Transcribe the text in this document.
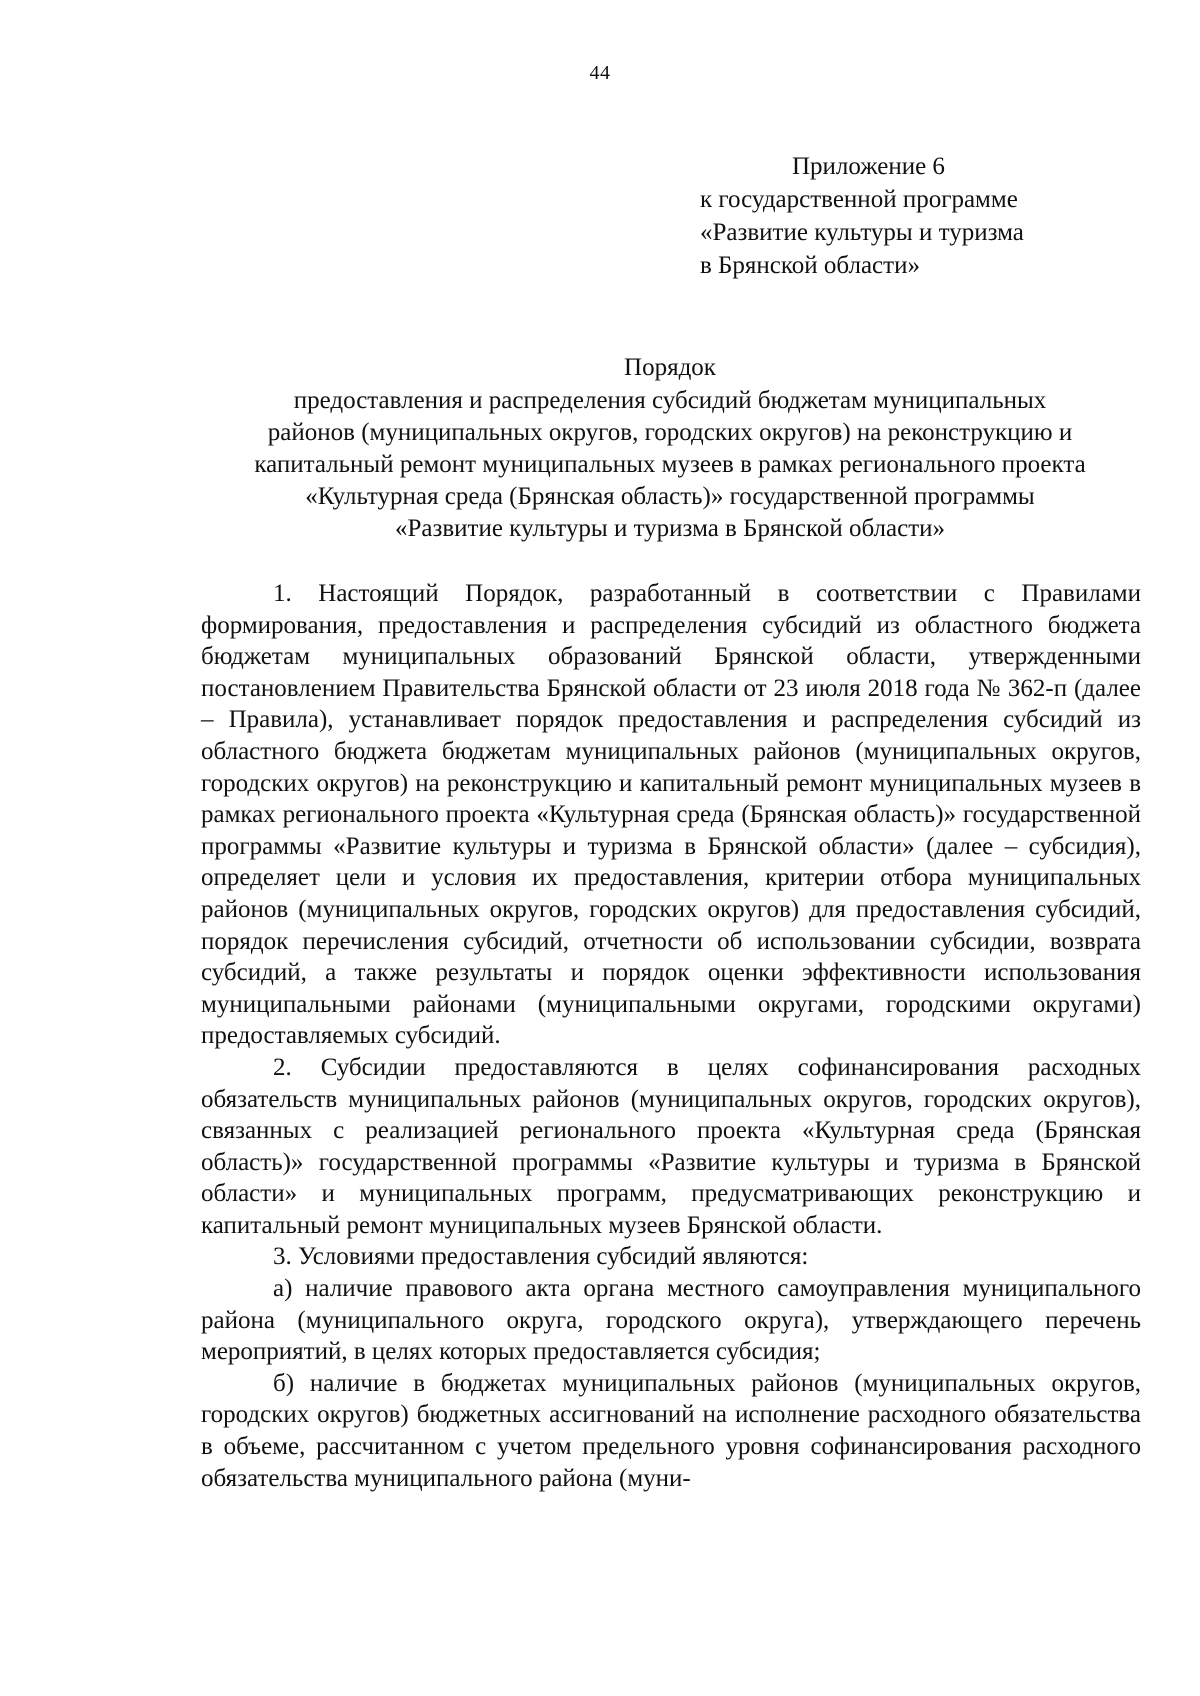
44
Приложение 6
к государственной программе
«Развитие культуры и туризма
в Брянской области»
Порядок
предоставления и распределения субсидий бюджетам муниципальных
районов (муниципальных округов, городских округов) на реконструкцию и
капитальный ремонт муниципальных музеев в рамках регионального проекта
«Культурная среда (Брянская область)» государственной программы
«Развитие культуры и туризма в Брянской области»

1. Настоящий Порядок, разработанный в соответствии с Правилами формирования, предоставления и распределения субсидий из областного бюджета бюджетам муниципальных образований Брянской области, утвержденными постановлением Правительства Брянской области от 23 июля 2018 года № 362-п (далее – Правила), устанавливает порядок предоставления и распределения субсидий из областного бюджета бюджетам муниципальных районов (муниципальных округов, городских округов) на реконструкцию и капитальный ремонт муниципальных музеев в рамках регионального проекта «Культурная среда (Брянская область)» государственной программы «Развитие культуры и туризма в Брянской области» (далее – субсидия), определяет цели и условия их предоставления, критерии отбора муниципальных районов (муниципальных округов, городских округов) для предоставления субсидий, порядок перечисления субсидий, отчетности об использовании субсидии, возврата субсидий, а также результаты и порядок оценки эффективности использования муниципальными районами (муниципальными округами, городскими округами) предоставляемых субсидий.

2. Субсидии предоставляются в целях софинансирования расходных обязательств муниципальных районов (муниципальных округов, городских округов), связанных с реализацией регионального проекта «Культурная среда (Брянская область)» государственной программы «Развитие культуры и туризма в Брянской области» и муниципальных программ, предусматривающих реконструкцию и капитальный ремонт муниципальных музеев Брянской области.

3. Условиями предоставления субсидий являются:

а) наличие правового акта органа местного самоуправления муниципального района (муниципального округа, городского округа), утверждающего перечень мероприятий, в целях которых предоставляется субсидия;

б) наличие в бюджетах муниципальных районов (муниципальных округов, городских округов) бюджетных ассигнований на исполнение расходного обязательства в объеме, рассчитанном с учетом предельного уровня софинансирования расходного обязательства муниципального района (муни-
